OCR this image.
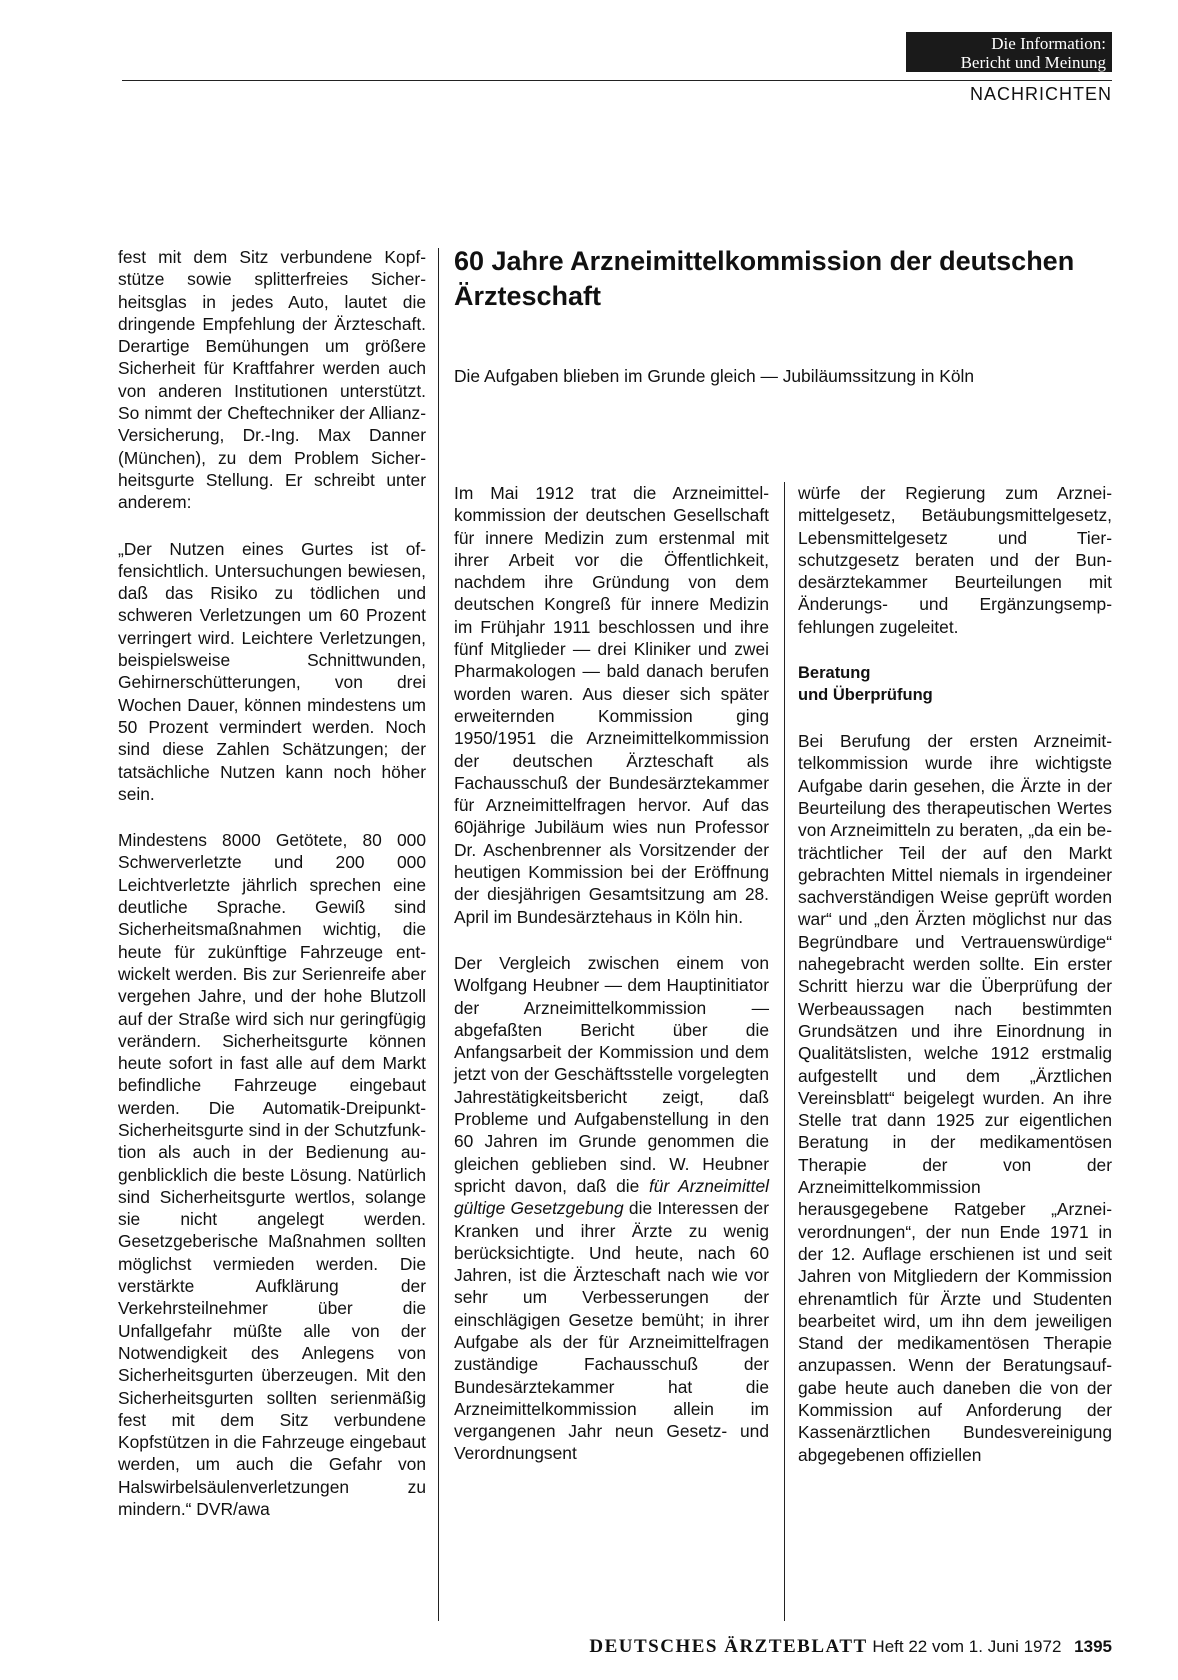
Die Information:
Bericht und Meinung
NACHRICHTEN

fest mit dem Sitz verbundene Kopfstütze sowie splitterfreies Sicherheitsglas in jedes Auto, lautet die dringende Empfehlung der Ärzteschaft. Derartige Bemühungen um größere Sicherheit für Kraftfahrer werden auch von anderen Institutionen unterstützt. So nimmt der Cheftechniker der Allianz-Versicherung, Dr.-Ing. Max Danner (München), zu dem Problem Sicherheitsgurte Stellung. Er schreibt unter anderem:

„Der Nutzen eines Gurtes ist offensichtlich. Untersuchungen bewiesen, daß das Risiko zu tödlichen und schweren Verletzungen um 60 Prozent verringert wird. Leichtere Verletzungen, beispielsweise Schnittwunden, Gehirnerschütterungen, von drei Wochen Dauer, können mindestens um 50 Prozent vermindert werden. Noch sind diese Zahlen Schätzungen; der tatsächliche Nutzen kann noch höher sein.

Mindestens 8000 Getötete, 80 000 Schwerverletzte und 200 000 Leichtverletzte jährlich sprechen eine deutliche Sprache. Gewiß sind Sicherheitsmaßnahmen wichtig, die heute für zukünftige Fahrzeuge entwickelt werden. Bis zur Serienreife aber vergehen Jahre, und der hohe Blutzoll auf der Straße wird sich nur geringfügig verändern. Sicherheitsgurte können heute sofort in fast alle auf dem Markt befindliche Fahrzeuge eingebaut werden. Die Automatik-Dreipunkt-Sicherheitsgurte sind in der Schutzfunktion als auch in der Bedienung augenblicklich die beste Lösung. Natürlich sind Sicherheitsgurte wertlos, solange sie nicht angelegt werden. Gesetzgeberische Maßnahmen sollten möglichst vermieden werden. Die verstärkte Aufklärung der Verkehrsteilnehmer über die Unfallgefahr müßte alle von der Notwendigkeit des Anlegens von Sicherheitsgurten überzeugen. Mit den Sicherheitsgurten sollten serienmäßig fest mit dem Sitz verbundene Kopfstützen in die Fahrzeuge eingebaut werden, um auch die Gefahr von Halswirbelsäulenverletzungen zu mindern.“ DVR/awa

60 Jahre Arzneimittelkommission der deutschen Ärzteschaft

Die Aufgaben blieben im Grunde gleich — Jubiläumssitzung in Köln

Im Mai 1912 trat die Arzneimittelkommission der deutschen Gesellschaft für innere Medizin zum erstenmal mit ihrer Arbeit vor die Öffentlichkeit, nachdem ihre Gründung von dem deutschen Kongreß für innere Medizin im Frühjahr 1911 beschlossen und ihre fünf Mitglieder — drei Kliniker und zwei Pharmakologen — bald danach berufen worden waren. Aus dieser sich später erweiternden Kommission ging 1950/1951 die Arzneimittelkommission der deutschen Ärzteschaft als Fachausschuß der Bundesärztekammer für Arzneimittelfragen hervor. Auf das 60jährige Jubiläum wies nun Professor Dr. Aschenbrenner als Vorsitzender der heutigen Kommission bei der Eröffnung der diesjährigen Gesamtsitzung am 28. April im Bundesärztehaus in Köln hin.

Der Vergleich zwischen einem von Wolfgang Heubner — dem Hauptinitiator der Arzneimittelkommission — abgefaßten Bericht über die Anfangsarbeit der Kommission und dem jetzt von der Geschäftsstelle vorgelegten Jahrestätigkeitsbericht zeigt, daß Probleme und Aufgabenstellung in den 60 Jahren im Grunde genommen die gleichen geblieben sind. W. Heubner spricht davon, daß die für Arzneimittel gültige Gesetzgebung die Interessen der Kranken und ihrer Ärzte zu wenig berücksichtigte. Und heute, nach 60 Jahren, ist die Ärzteschaft nach wie vor sehr um Verbesserungen der einschlägigen Gesetze bemüht; in ihrer Aufgabe als der für Arzneimittelfragen zuständige Fachausschuß der Bundesärztekammer hat die Arzneimittelkommission allein im vergangenen Jahr neun Gesetz- und Verordnungsent

würfe der Regierung zum Arzneimittelgesetz, Betäubungsmittelgesetz, Lebensmittelgesetz und Tierschutzgesetz beraten und der Bundesärztekammer Beurteilungen mit Änderungs- und Ergänzungsempfehlungen zugeleitet.

Beratung
und Überprüfung

Bei Berufung der ersten Arzneimittelkommission wurde ihre wichtigste Aufgabe darin gesehen, die Ärzte in der Beurteilung des therapeutischen Wertes von Arzneimitteln zu beraten, „da ein beträchtlicher Teil der auf den Markt gebrachten Mittel niemals in irgendeiner sachverständigen Weise geprüft worden war“ und „den Ärzten möglichst nur das Begründbare und Vertrauenswürdige“ nahegebracht werden sollte. Ein erster Schritt hierzu war die Überprüfung der Werbeaussagen nach bestimmten Grundsätzen und ihre Einordnung in Qualitätslisten, welche 1912 erstmalig aufgestellt und dem „Ärztlichen Vereinsblatt“ beigelegt wurden. An ihre Stelle trat dann 1925 zur eigentlichen Beratung in der medikamentösen Therapie der von der Arzneimittelkommission herausgegebene Ratgeber „Arzneiverordnungen“, der nun Ende 1971 in der 12. Auflage erschienen ist und seit Jahren von Mitgliedern der Kommission ehrenamtlich für Ärzte und Studenten bearbeitet wird, um ihn dem jeweiligen Stand der medikamentösen Therapie anzupassen. Wenn der Beratungsaufgabe heute auch daneben die von der Kommission auf Anforderung der Kassenärztlichen Bundesvereinigung abgegebenen offiziellen

DEUTSCHES ÄRZTEBLATT Heft 22 vom 1. Juni 1972 1395
